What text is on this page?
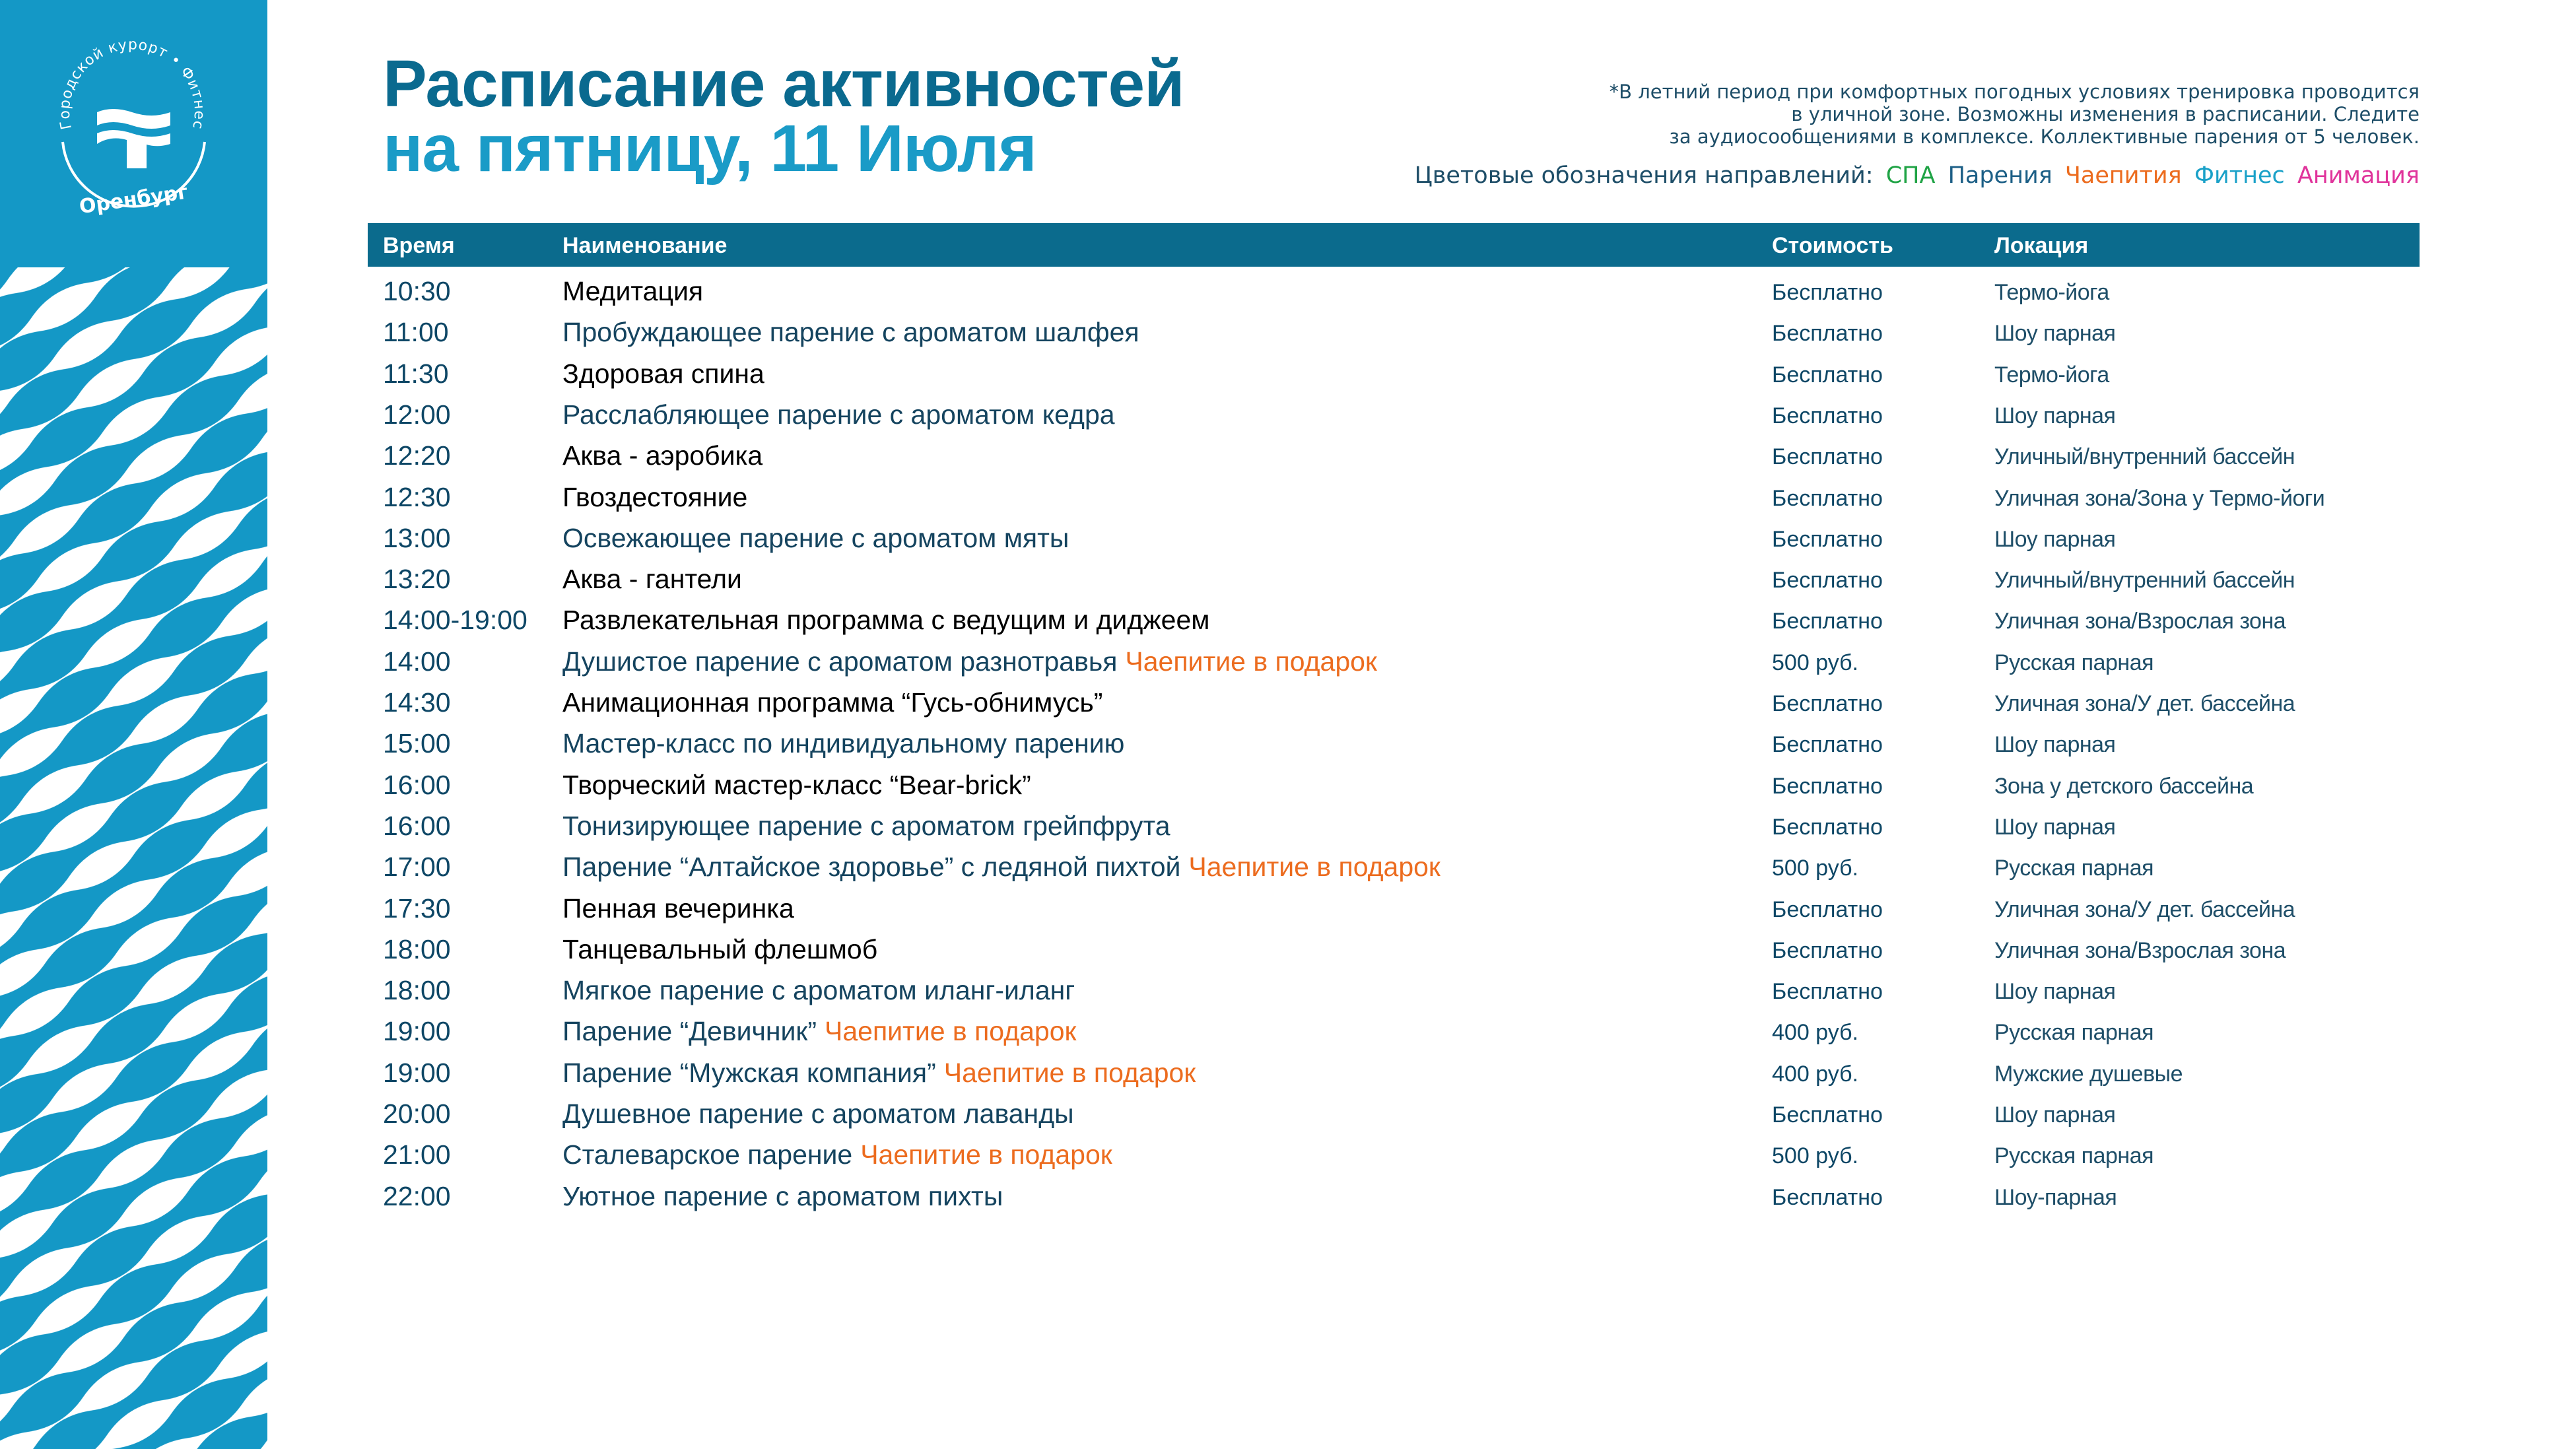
Городской курорт • Фитнес
Оренбург
Расписание активностей
на пятницу, 11 Июля
*В летний период при комфортных погодных условиях тренировка проводится
в уличной зоне. Возможны изменения в расписании. Следите
за аудиосообщениями в комплексе. Коллективные парения от 5 человек.
Цветовые обозначения направлений: СПА Парения Чаепития Фитнес Анимация
Время	Наименование	Стоимость	Локация
10:30	Медитация	Бесплатно	Термо-йога
11:00	Пробуждающее парение с ароматом шалфея	Бесплатно	Шоу парная
11:30	Здоровая спина	Бесплатно	Термо-йога
12:00	Расслабляющее парение с ароматом кедра	Бесплатно	Шоу парная
12:20	Аква - аэробика	Бесплатно	Уличный/внутренний бассейн
12:30	Гвоздестояние	Бесплатно	Уличная зона/Зона у Термо-йоги
13:00	Освежающее парение с ароматом мяты	Бесплатно	Шоу парная
13:20	Аква - гантели	Бесплатно	Уличный/внутренний бассейн
14:00-19:00 Развлекательная программа с ведущим и диджеем	Бесплатно	Уличная зона/Взрослая зона
14:00	Душистое парение с ароматом разнотравья Чаепитие в подарок	500 руб.	Русская парная
14:30	Анимационная программа “Гусь-обнимусь”	Бесплатно	Уличная зона/У дет. бассейна
15:00	Мастер-класс по индивидуальному парению	Бесплатно	Шоу парная
16:00	Творческий мастер-класс “Bear-brick”	Бесплатно	Зона у детского бассейна
16:00	Тонизирующее парение с ароматом грейпфрута	Бесплатно	Шоу парная
17:00	Парение “Алтайское здоровье” с ледяной пихтой Чаепитие в подарок	500 руб.	Русская парная
17:30	Пенная вечеринка	Бесплатно	Уличная зона/У дет. бассейна
18:00	Танцевальный флешмоб	Бесплатно	Уличная зона/Взрослая зона
18:00	Мягкое парение с ароматом иланг-иланг	Бесплатно	Шоу парная
19:00	Парение “Девичник” Чаепитие в подарок	400 руб.	Русская парная
19:00	Парение “Мужская компания” Чаепитие в подарок	400 руб.	Мужские душевые
20:00	Душевное парение с ароматом лаванды	Бесплатно	Шоу парная
21:00	Сталеварское парение Чаепитие в подарок	500 руб.	Русская парная
22:00	Уютное парение с ароматом пихты	Бесплатно	Шоу-парная
